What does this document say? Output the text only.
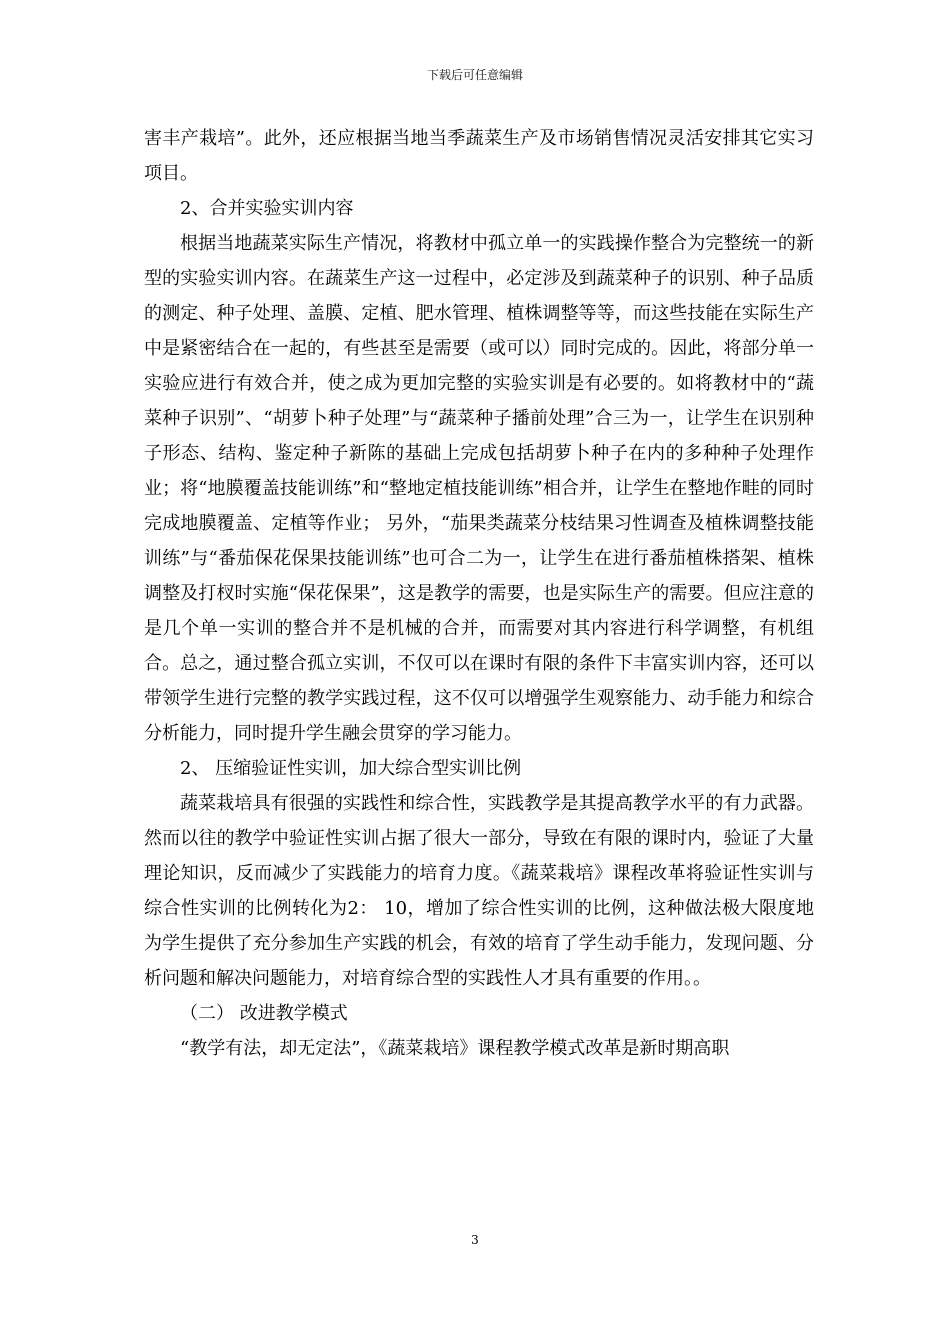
下载后可任意编辑

害丰产栽培”。此外，还应根据当地当季蔬菜生产及市场销售情况灵活安排其它实习项目。

2、合并实验实训内容

根据当地蔬菜实际生产情况，将教材中孤立单一的实践操作整合为完整统一的新型的实验实训内容。在蔬菜生产这一过程中，必定涉及到蔬菜种子的识别、种子品质的测定、种子处理、盖膜、定植、肥水管理、植株调整等等，而这些技能在实际生产中是紧密结合在一起的，有些甚至是需要（或可以）同时完成的。因此，将部分单一实验应进行有效合并，使之成为更加完整的实验实训是有必要的。如将教材中的“蔬菜种子识别”、“胡萝卜种子处理”与“蔬菜种子播前处理”合三为一，让学生在识别种子形态、结构、鉴定种子新陈的基础上完成包括胡萝卜种子在内的多种种子处理作业；将“地膜覆盖技能训练”和“整地定植技能训练”相合并，让学生在整地作畦的同时完成地膜覆盖、定植等作业； 另外，“茄果类蔬菜分枝结果习性调查及植株调整技能训练”与“番茄保花保果技能训练”也可合二为一，让学生在进行番茄植株搭架、植株调整及打杈时实施“保花保果”，这是教学的需要，也是实际生产的需要。但应注意的是几个单一实训的整合并不是机械的合并，而需要对其内容进行科学调整，有机组合。总之，通过整合孤立实训，不仅可以在课时有限的条件下丰富实训内容，还可以带领学生进行完整的教学实践过程，这不仅可以增强学生观察能力、动手能力和综合分析能力，同时提升学生融会贯穿的学习能力。

2、 压缩验证性实训，加大综合型实训比例

蔬菜栽培具有很强的实践性和综合性，实践教学是其提高教学水平的有力武器。然而以往的教学中验证性实训占据了很大一部分，导致在有限的课时内，验证了大量理论知识，反而减少了实践能力的培育力度。《蔬菜栽培》课程改革将验证性实训与综合性实训的比例转化为2： 10，增加了综合性实训的比例，这种做法极大限度地为学生提供了充分参加生产实践的机会，有效的培育了学生动手能力，发现问题、分析问题和解决问题能力，对培育综合型的实践性人才具有重要的作用。。

（二） 改进教学模式

“教学有法，却无定法”，《蔬菜栽培》课程教学模式改革是新时期高职

3
